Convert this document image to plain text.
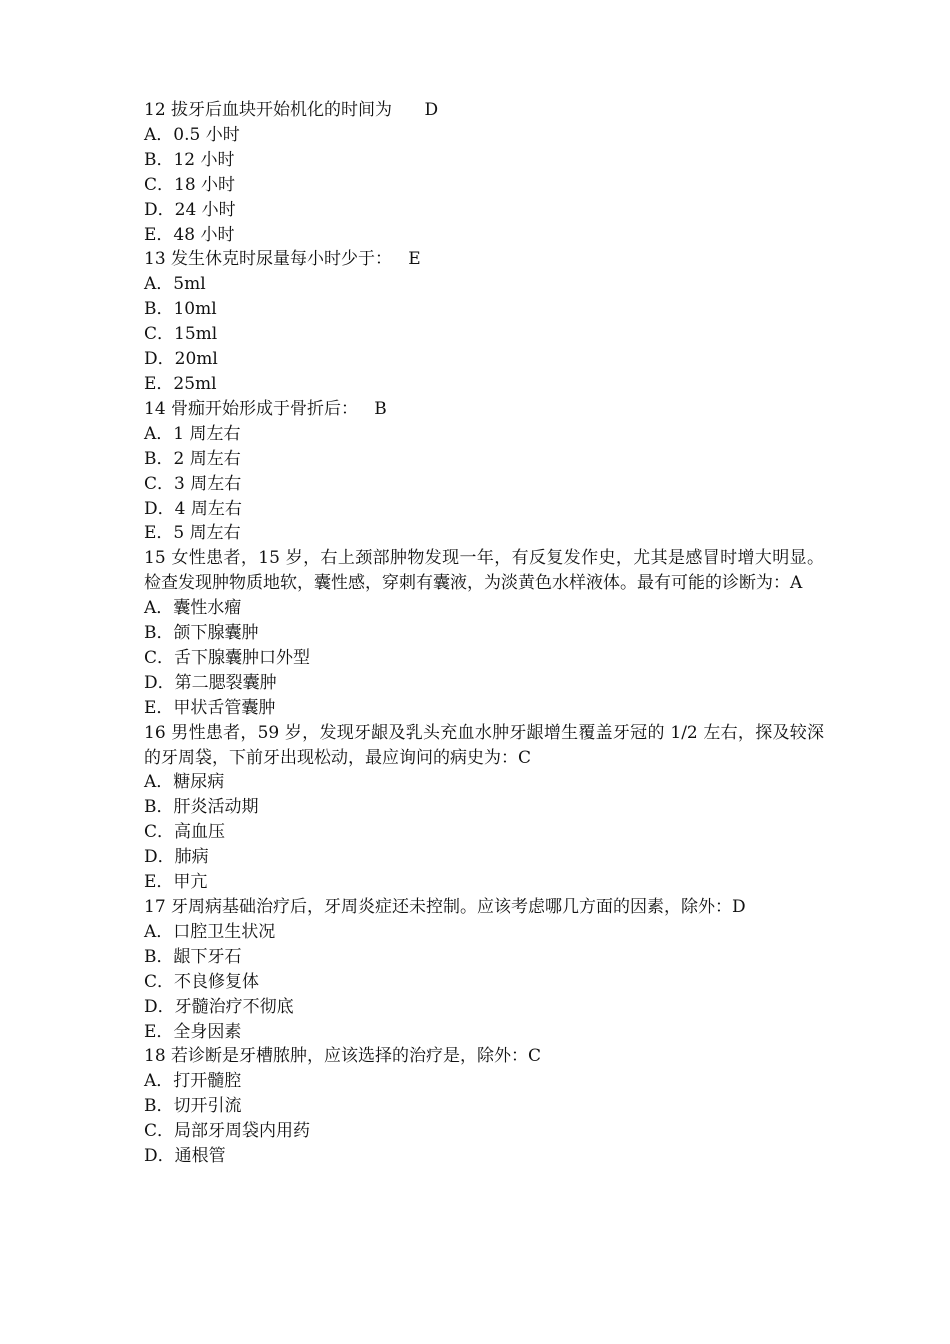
12 拔牙后血块开始机化的时间为      D
A．0.5 小时
B．12 小时
C．18 小时
D．24 小时
E．48 小时
13 发生休克时尿量每小时少于：   E
A．5ml
B．10ml
C．15ml
D．20ml
E．25ml
14 骨痂开始形成于骨折后：   B
A．1 周左右
B．2 周左右
C．3 周左右
D．4 周左右
E．5 周左右
15 女性患者，15 岁，右上颈部肿物发现一年，有反复发作史，尤其是感冒时增大明显。检查发现肿物质地软，囊性感，穿刺有囊液，为淡黄色水样液体。最有可能的诊断为：A
A．囊性水瘤
B．颌下腺囊肿
C．舌下腺囊肿口外型
D．第二腮裂囊肿
E．甲状舌管囊肿
16 男性患者，59 岁，发现牙龈及乳头充血水肿牙龈增生覆盖牙冠的 1/2 左右，探及较深的牙周袋，下前牙出现松动，最应询问的病史为：C
A．糖尿病
B．肝炎活动期
C．高血压
D．肺病
E．甲亢
17 牙周病基础治疗后，牙周炎症还未控制。应该考虑哪几方面的因素，除外：D
A．口腔卫生状况
B．龈下牙石
C．不良修复体
D．牙髓治疗不彻底
E．全身因素
18 若诊断是牙槽脓肿，应该选择的治疗是，除外：C
A．打开髓腔
B．切开引流
C．局部牙周袋内用药
D．通根管
